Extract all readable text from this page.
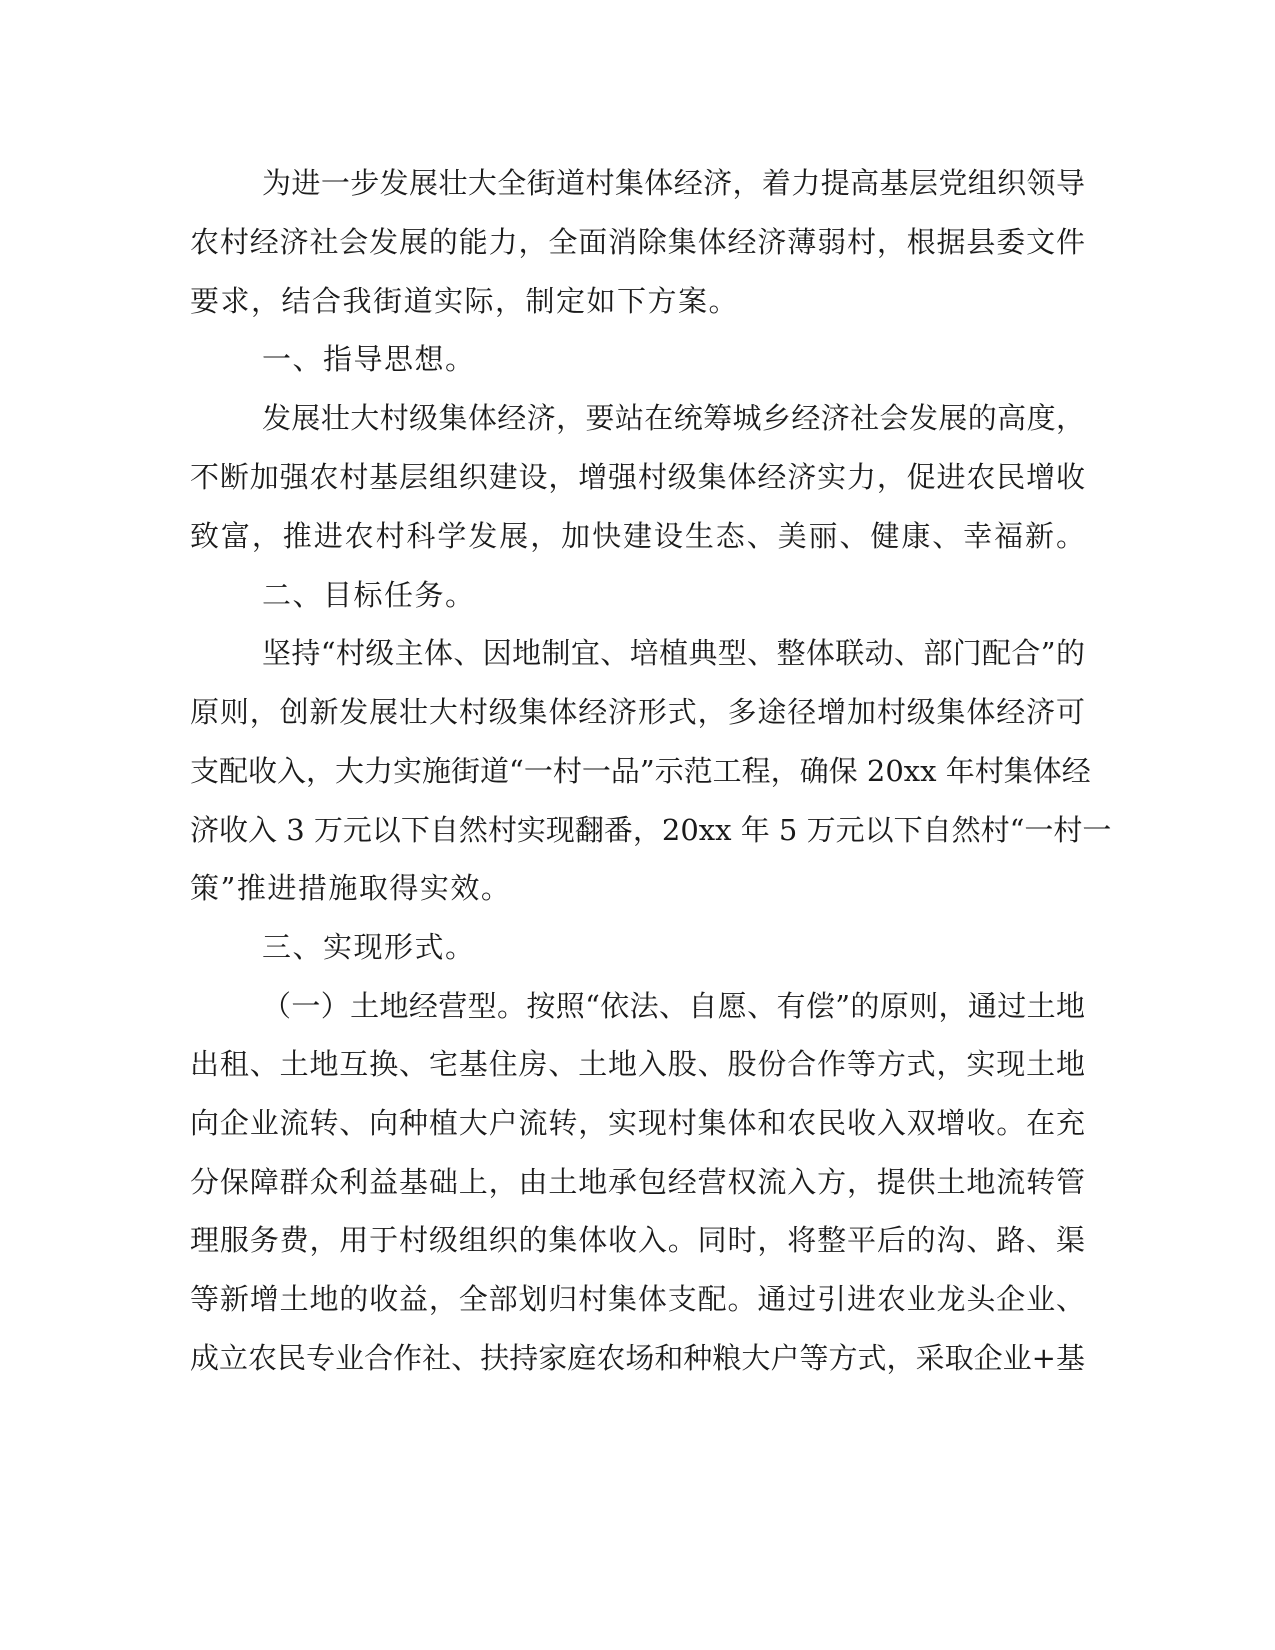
为进一步发展壮大全街道村集体经济，着力提高基层党组织领导
农村经济社会发展的能力，全面消除集体经济薄弱村，根据县委文件
要求，结合我街道实际，制定如下方案。
一、指导思想。
发展壮大村级集体经济，要站在统筹城乡经济社会发展的高度，
不断加强农村基层组织建设，增强村级集体经济实力，促进农民增收
致富，推进农村科学发展，加快建设生态、美丽、健康、幸福新。
二、目标任务。
坚持“村级主体、因地制宜、培植典型、整体联动、部门配合”的
原则，创新发展壮大村级集体经济形式，多途径增加村级集体经济可
支配收入，大力实施街道“一村一品”示范工程，确保 20xx 年村集体经
济收入 3 万元以下自然村实现翻番，20xx 年 5 万元以下自然村“一村一
策”推进措施取得实效。
三、实现形式。
（一）土地经营型。按照“依法、自愿、有偿”的原则，通过土地
出租、土地互换、宅基住房、土地入股、股份合作等方式，实现土地
向企业流转、向种植大户流转，实现村集体和农民收入双增收。在充
分保障群众利益基础上，由土地承包经营权流入方，提供土地流转管
理服务费，用于村级组织的集体收入。同时，将整平后的沟、路、渠
等新增土地的收益，全部划归村集体支配。通过引进农业龙头企业、
成立农民专业合作社、扶持家庭农场和种粮大户等方式，采取企业+基
